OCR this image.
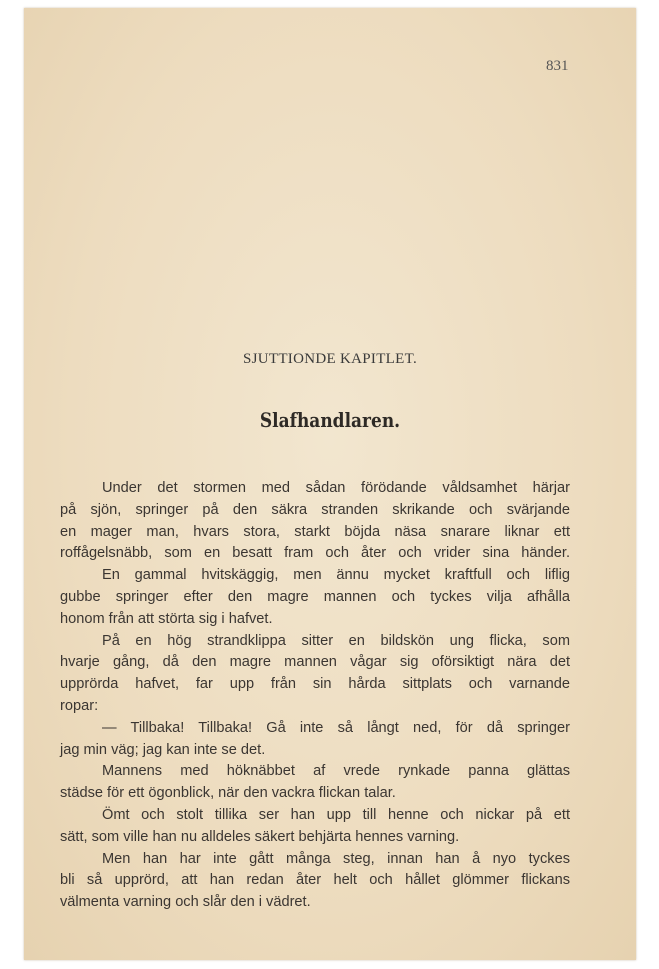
831
SJUTTIONDE KAPITLET.
Slafhandlaren.
Under det stormen med sådan förödande våldsamhet härjar
på sjön, springer på den säkra stranden skrikande och svärjande
en mager man, hvars stora, starkt böjda näsa snarare liknar ett
roffågelsnäbb, som en besatt fram och åter och vrider sina händer.
En gammal hvitskäggig, men ännu mycket kraftfull och liflig
gubbe springer efter den magre mannen och tyckes vilja afhålla
honom från att störta sig i hafvet.
På en hög strandklippa sitter en bildskön ung flicka, som
hvarje gång, då den magre mannen vågar sig oförsiktigt nära det
upprörda hafvet, far upp från sin hårda sittplats och varnande
ropar:
— Tillbaka! Tillbaka! Gå inte så långt ned, för då springer
jag min väg; jag kan inte se det.
Mannens med höknäbbet af vrede rynkade panna glättas
städse för ett ögonblick, när den vackra flickan talar.
Ömt och stolt tillika ser han upp till henne och nickar på ett
sätt, som ville han nu alldeles säkert behjärta hennes varning.
Men han har inte gått många steg, innan han å nyo tyckes
bli så upprörd, att han redan åter helt och hållet glömmer flickans
välmenta varning och slår den i vädret.
